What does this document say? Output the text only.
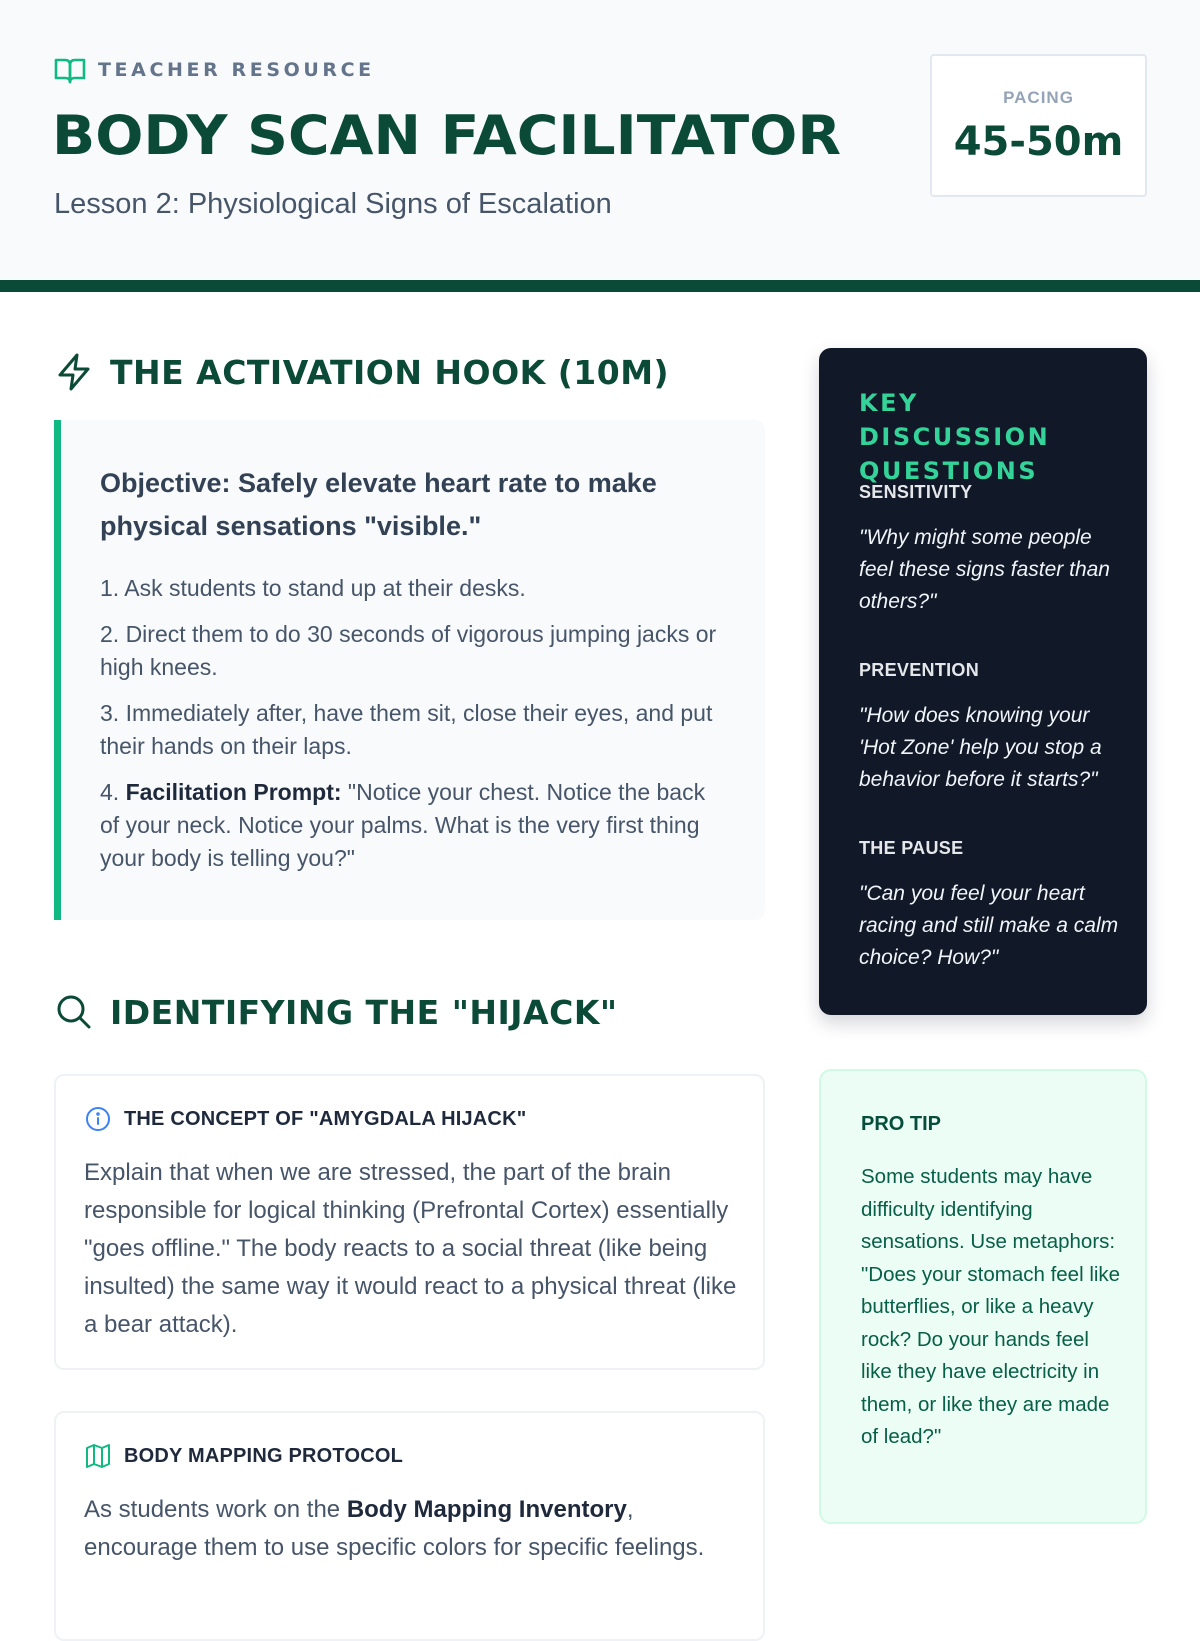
TEACHER RESOURCE
BODY SCAN FACILITATOR
Lesson 2: Physiological Signs of Escalation
PACING
45-50m
THE ACTIVATION HOOK (10M)
Objective: Safely elevate heart rate to make physical sensations "visible."
1. Ask students to stand up at their desks.
2. Direct them to do 30 seconds of vigorous jumping jacks or high knees.
3. Immediately after, have them sit, close their eyes, and put their hands on their laps.
4. Facilitation Prompt: "Notice your chest. Notice the back of your neck. Notice your palms. What is the very first thing your body is telling you?"
IDENTIFYING THE "HIJACK"
THE CONCEPT OF "AMYGDALA HIJACK"
Explain that when we are stressed, the part of the brain responsible for logical thinking (Prefrontal Cortex) essentially "goes offline." The body reacts to a social threat (like being insulted) the same way it would react to a physical threat (like a bear attack).
BODY MAPPING PROTOCOL
As students work on the Body Mapping Inventory, encourage them to use specific colors for specific feelings.
KEY DISCUSSION QUESTIONS
SENSITIVITY
"Why might some people feel these signs faster than others?"
PREVENTION
"How does knowing your 'Hot Zone' help you stop a behavior before it starts?"
THE PAUSE
"Can you feel your heart racing and still make a calm choice? How?"
PRO TIP
Some students may have difficulty identifying sensations. Use metaphors: "Does your stomach feel like butterflies, or like a heavy rock? Do your hands feel like they have electricity in them, or like they are made of lead?"
